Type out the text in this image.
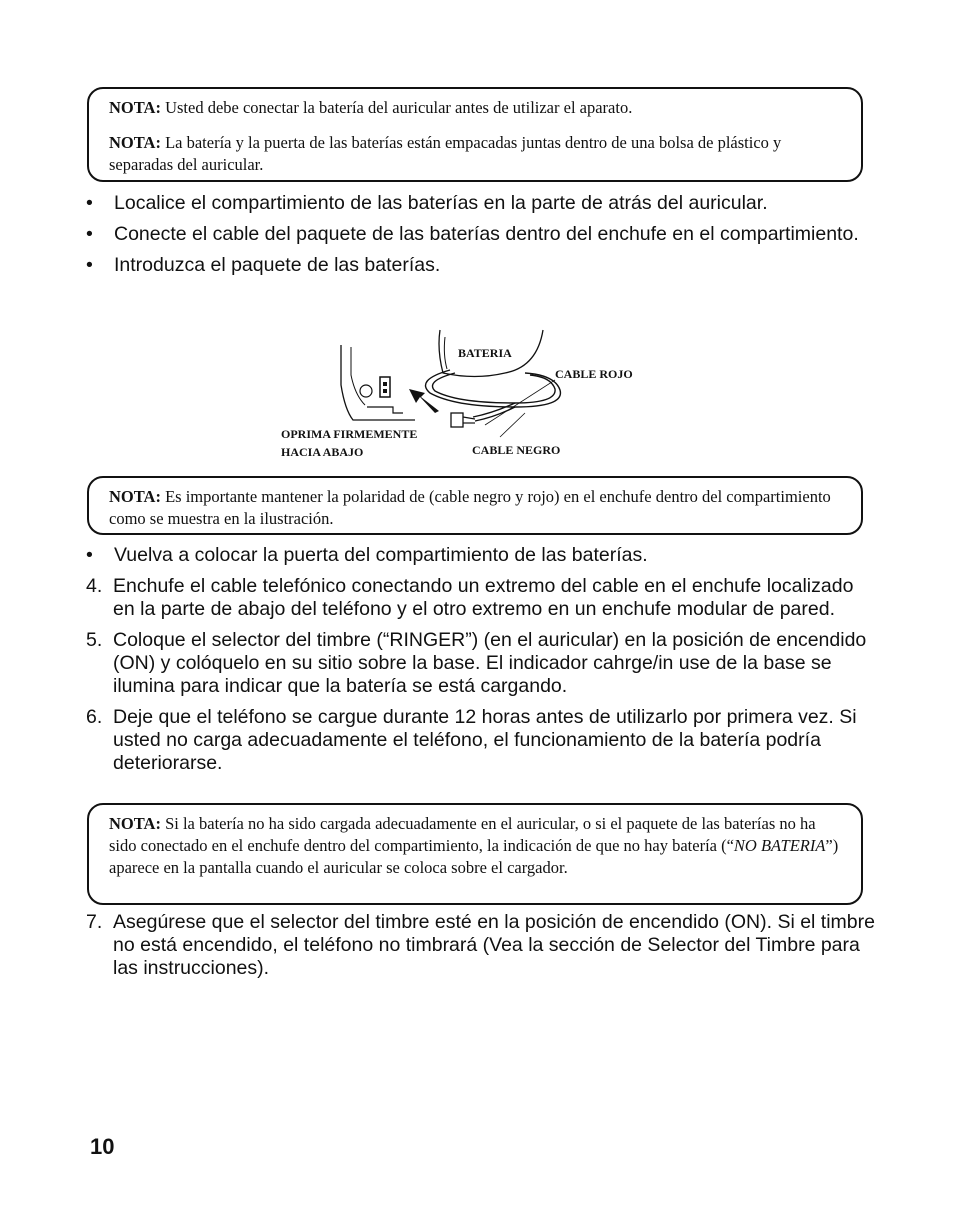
NOTA: Usted debe conectar la batería del auricular antes de utilizar el aparato.

NOTA: La batería y la puerta de las baterías están empacadas juntas dentro de una bolsa de plástico y separadas del auricular.

• Localice el compartimiento de las baterías en la parte de atrás del auricular.
• Conecte el cable del paquete de las baterías dentro del enchufe en el compartimiento.
• Introduzca el paquete de las baterías.
BATERIA
CABLE ROJO
CABLE NEGRO
OPRIMA FIRMEMENTE
HACIA ABAJO

NOTA: Es importante mantener la polaridad de (cable negro y rojo) en el enchufe dentro del compartimiento como se muestra en la ilustración.

• Vuelva a colocar la puerta del compartimiento de las baterías.
4. Enchufe el cable telefónico conectando un extremo del cable en el enchufe localizado en la parte de abajo del teléfono y el otro extremo en un enchufe modular de pared.
5. Coloque el selector del timbre (“RINGER”) (en el auricular) en la posición de encendido (ON) y colóquelo en su sitio sobre la base. El indicador cahrge/in use de la base se ilumina para indicar que la batería se está cargando.
6. Deje que el teléfono se cargue durante 12 horas antes de utilizarlo por primera vez. Si usted no carga adecuadamente el teléfono, el funcionamiento de la batería podría deteriorarse.

NOTA: Si la batería no ha sido cargada adecuadamente en el auricular, o si el paquete de las baterías no ha sido conectado en el enchufe dentro del compartimiento, la indicación de que no hay batería (“NO BATERIA”) aparece en la pantalla cuando el auricular se coloca sobre el cargador.

7. Asegúrese que el selector del timbre esté en la posición de encendido (ON). Si el timbre no está encendido, el teléfono no timbrará (Vea la sección de Selector del Timbre para las instrucciones).
10
